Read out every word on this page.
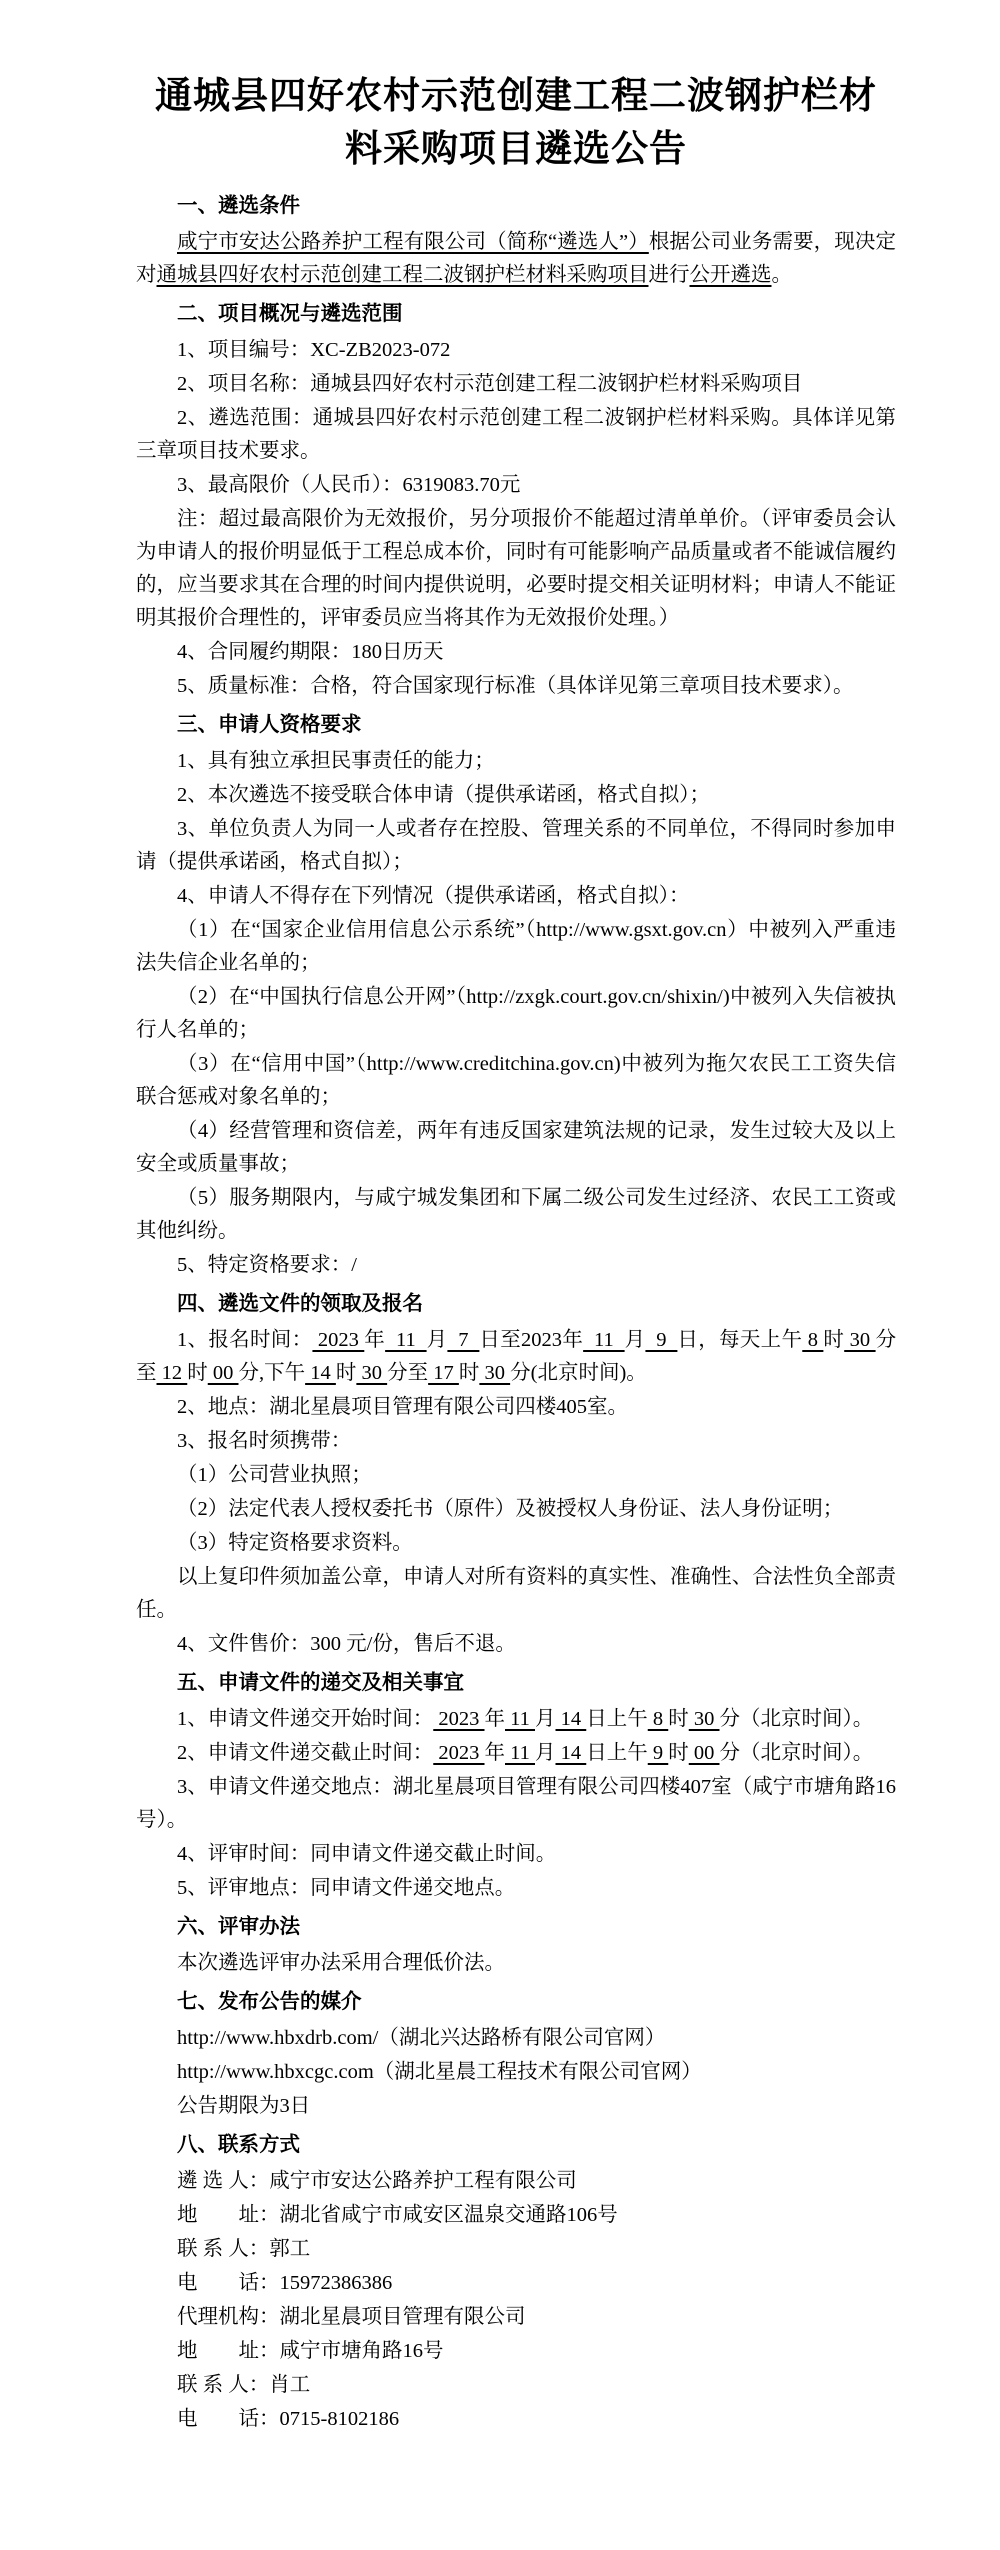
通城县四好农村示范创建工程二波钢护栏材
料采购项目遴选公告

一、遴选条件

咸宁市安达公路养护工程有限公司（简称“遴选人”）根据公司业务需要，现决定对通城县四好农村示范创建工程二波钢护栏材料采购项目进行公开遴选。

二、项目概况与遴选范围

1、项目编号：XC-ZB2023-072

2、项目名称：通城县四好农村示范创建工程二波钢护栏材料采购项目

2、遴选范围：通城县四好农村示范创建工程二波钢护栏材料采购。具体详见第三章项目技术要求。

3、最高限价（人民币）：6319083.70元

注：超过最高限价为无效报价，另分项报价不能超过清单单价。（评审委员会认为申请人的报价明显低于工程总成本价，同时有可能影响产品质量或者不能诚信履约的，应当要求其在合理的时间内提供说明，必要时提交相关证明材料；申请人不能证明其报价合理性的，评审委员应当将其作为无效报价处理。）

4、合同履约期限：180日历天

5、质量标准：合格，符合国家现行标准（具体详见第三章项目技术要求）。

三、申请人资格要求

1、具有独立承担民事责任的能力；

2、本次遴选不接受联合体申请（提供承诺函，格式自拟）；

3、单位负责人为同一人或者存在控股、管理关系的不同单位，不得同时参加申请（提供承诺函，格式自拟）；

4、申请人不得存在下列情况（提供承诺函，格式自拟）：

（1）在“国家企业信用信息公示系统”（http://www.gsxt.gov.cn）中被列入严重违法失信企业名单的；

（2）在“中国执行信息公开网”（http://zxgk.court.gov.cn/shixin/)中被列入失信被执行人名单的；

（3）在“信用中国”（http://www.creditchina.gov.cn)中被列为拖欠农民工工资失信联合惩戒对象名单的；

（4）经营管理和资信差，两年有违反国家建筑法规的记录，发生过较大及以上安全或质量事故；

（5）服务期限内，与咸宁城发集团和下属二级公司发生过经济、农民工工资或其他纠纷。

5、特定资格要求：/

四、遴选文件的领取及报名

1、报名时间： 2023 年  11  月  7  日至2023年  11  月  9  日，每天上午 8 时 30 分至 12 时 00 分,下午 14 时 30 分至 17 时 30 分(北京时间)。

2、地点：湖北星晨项目管理有限公司四楼405室。

3、报名时须携带：

（1）公司营业执照；

（2）法定代表人授权委托书（原件）及被授权人身份证、法人身份证明；

（3）特定资格要求资料。

以上复印件须加盖公章，申请人对所有资料的真实性、准确性、合法性负全部责任。

4、文件售价：300 元/份，售后不退。

五、申请文件的递交及相关事宜

1、申请文件递交开始时间： 2023 年 11 月 14 日上午 8 时 30 分（北京时间）。

2、申请文件递交截止时间： 2023 年 11 月 14 日上午 9 时 00 分（北京时间）。

3、申请文件递交地点：湖北星晨项目管理有限公司四楼407室（咸宁市塘角路16号）。

4、评审时间：同申请文件递交截止时间。

5、评审地点：同申请文件递交地点。

六、评审办法

本次遴选评审办法采用合理低价法。

七、发布公告的媒介

http://www.hbxdrb.com/（湖北兴达路桥有限公司官网）

http://www.hbxcgc.com（湖北星晨工程技术有限公司官网）

公告期限为3日

八、联系方式

遴 选 人：咸宁市安达公路养护工程有限公司

地　　址：湖北省咸宁市咸安区温泉交通路106号

联 系 人：郭工

电　　话：15972386386

代理机构：湖北星晨项目管理有限公司

地　　址：咸宁市塘角路16号

联 系 人：肖工

电　　话：0715-8102186
